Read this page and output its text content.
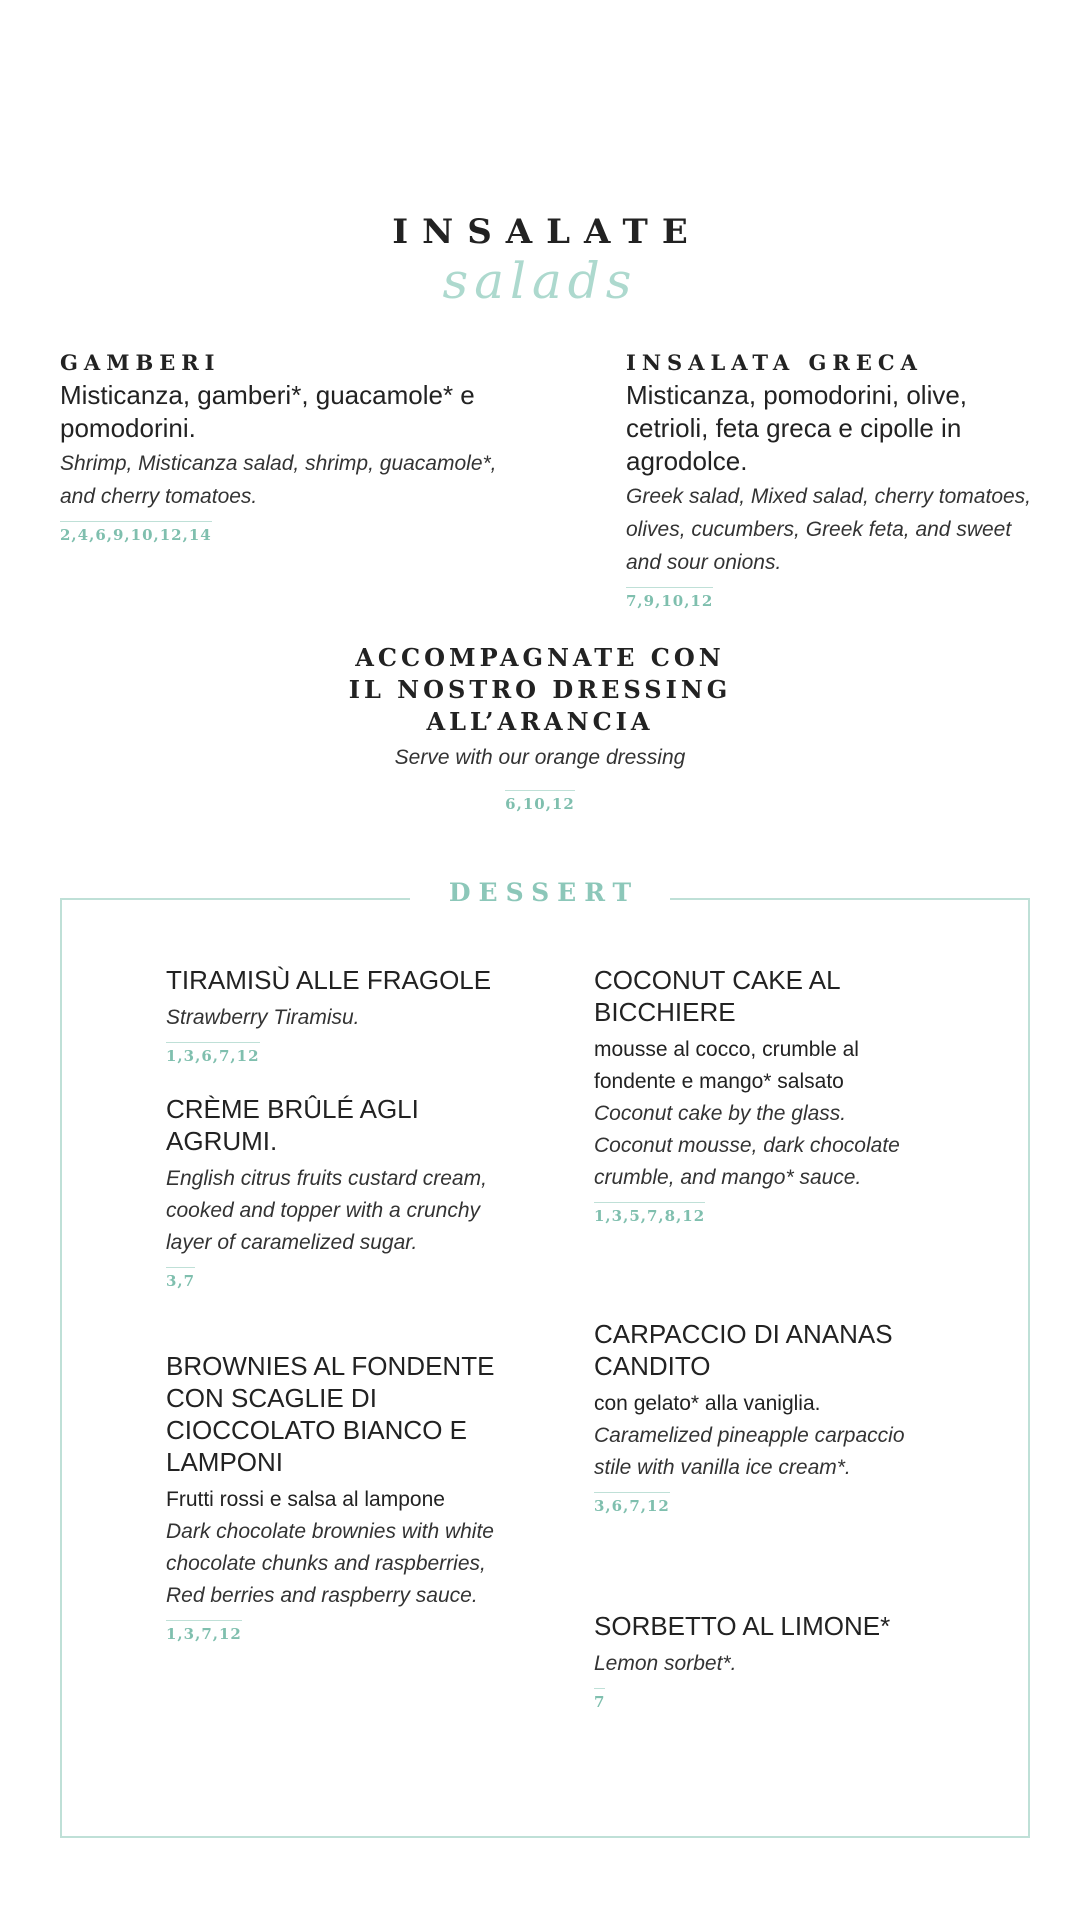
INSALATE
salads

GAMBERI

Misticanza, gamberi*, guacamole* e pomodorini.

Shrimp, Misticanza salad, shrimp, guacamole*, and cherry tomatoes.

2,4,6,9,10,12,14

INSALATA GRECA

Misticanza, pomodorini, olive, cetrioli, feta greca e cipolle in agrodolce.

Greek salad, Mixed salad, cherry tomatoes, olives, cucumbers, Greek feta, and sweet and sour onions.

7,9,10,12
ACCOMPAGNATE CON
IL NOSTRO DRESSING
ALL’ARANCIA
Serve with our orange dressing
6,10,12
DESSERT

TIRAMISÙ ALLE FRAGOLE

Strawberry Tiramisu.

1,3,6,7,12

CRÈME BRÛLÉ AGLI AGRUMI.

English citrus fruits custard cream, cooked and topper with a crunchy layer of caramelized sugar.

3,7

BROWNIES AL FONDENTE CON SCAGLIE DI CIOCCOLATO BIANCO E LAMPONI

Frutti rossi e salsa al lampone

Dark chocolate brownies with white chocolate chunks and raspberries, Red berries and raspberry sauce.

1,3,7,12

COCONUT CAKE AL BICCHIERE

mousse al cocco, crumble al fondente e mango* salsato

Coconut cake by the glass. Coconut mousse, dark chocolate crumble, and mango* sauce.

1,3,5,7,8,12

CARPACCIO DI ANANAS CANDITO

con gelato* alla vaniglia.

Caramelized pineapple carpaccio stile with vanilla ice cream*.

3,6,7,12

SORBETTO AL LIMONE*

Lemon sorbet*.

7
